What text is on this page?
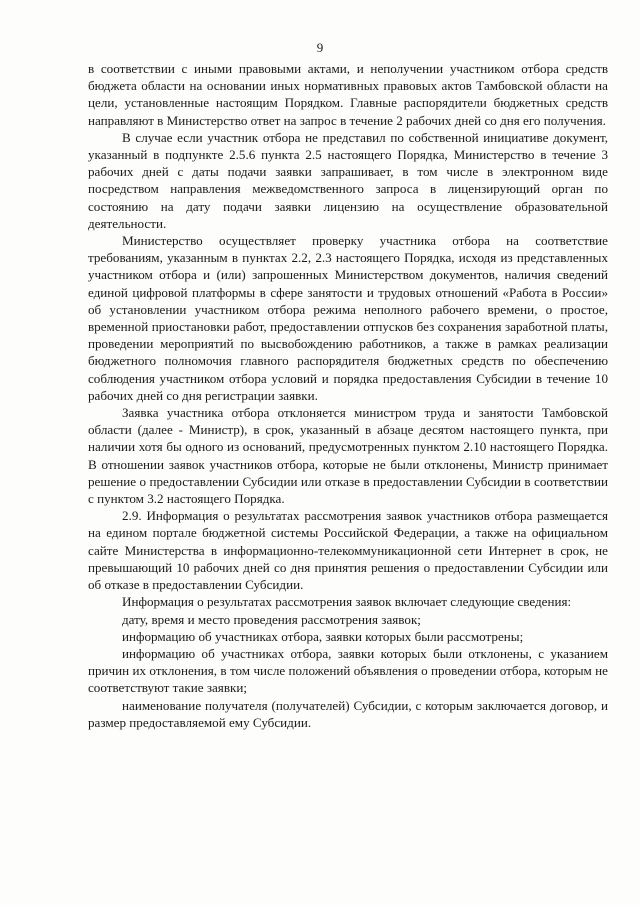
9

в соответствии с иными правовыми актами, и неполучении участником отбора средств бюджета области на основании иных нормативных правовых актов Тамбовской области на цели, установленные настоящим Порядком. Главные распорядители бюджетных средств направляют в Министерство ответ на запрос в течение 2 рабочих дней со дня его получения.

В случае если участник отбора не представил по собственной инициативе документ, указанный в подпункте 2.5.6 пункта 2.5 настоящего Порядка, Министерство в течение 3 рабочих дней с даты подачи заявки запрашивает, в том числе в электронном виде посредством направления межведомственного запроса в лицензирующий орган по состоянию на дату подачи заявки лицензию на осуществление образовательной деятельности.

Министерство осуществляет проверку участника отбора на соответствие требованиям, указанным в пунктах 2.2, 2.3 настоящего Порядка, исходя из представленных участником отбора и (или) запрошенных Министерством документов, наличия сведений единой цифровой платформы в сфере занятости и трудовых отношений «Работа в России» об установлении участником отбора режима неполного рабочего времени, о простое, временной приостановки работ, предоставлении отпусков без сохранения заработной платы, проведении мероприятий по высвобождению работников, а также в рамках реализации бюджетного полномочия главного распорядителя бюджетных средств по обеспечению соблюдения участником отбора условий и порядка предоставления Субсидии в течение 10 рабочих дней со дня регистрации заявки.

Заявка участника отбора отклоняется министром труда и занятости Тамбовской области (далее - Министр), в срок, указанный в абзаце десятом настоящего пункта, при наличии хотя бы одного из оснований, предусмотренных пунктом 2.10 настоящего Порядка. В отношении заявок участников отбора, которые не были отклонены, Министр принимает решение о предоставлении Субсидии или отказе в предоставлении Субсидии в соответствии с пунктом 3.2 настоящего Порядка.

2.9. Информация о результатах рассмотрения заявок участников отбора размещается на едином портале бюджетной системы Российской Федерации, а также на официальном сайте Министерства в информационно-телекоммуникационной сети Интернет в срок, не превышающий 10 рабочих дней со дня принятия решения о предоставлении Субсидии или об отказе в предоставлении Субсидии.

Информация о результатах рассмотрения заявок включает следующие сведения:

дату, время и место проведения рассмотрения заявок;

информацию об участниках отбора, заявки которых были рассмотрены;

информацию об участниках отбора, заявки которых были отклонены, с указанием причин их отклонения, в том числе положений объявления о проведении отбора, которым не соответствуют такие заявки;

наименование получателя (получателей) Субсидии, с которым заключается договор, и размер предоставляемой ему Субсидии.
